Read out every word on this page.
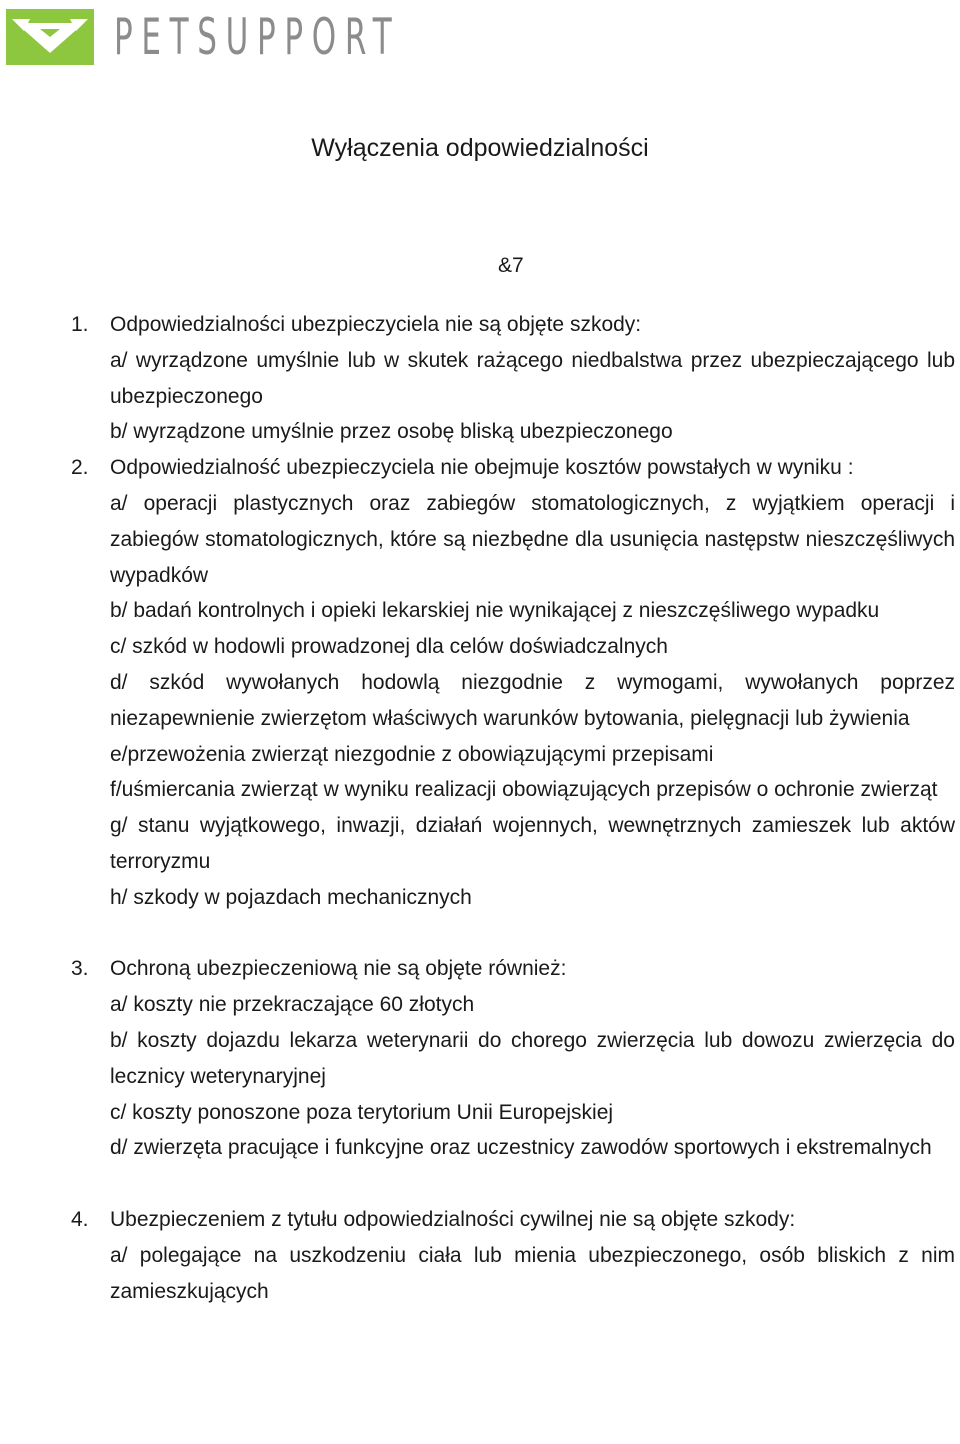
PETSUPPORT
Wyłączenia odpowiedzialności
&7
1. Odpowiedzialności ubezpieczyciela nie są objęte szkody:
a/ wyrządzone umyślnie lub w skutek rażącego niedbalstwa przez ubezpieczającego lub ubezpieczonego
b/ wyrządzone umyślnie przez osobę bliską ubezpieczonego
2. Odpowiedzialność ubezpieczyciela nie obejmuje kosztów powstałych w wyniku :
a/ operacji plastycznych oraz zabiegów stomatologicznych, z wyjątkiem operacji i zabiegów stomatologicznych, które są niezbędne dla usunięcia następstw nieszczęśliwych wypadków
b/ badań kontrolnych i opieki lekarskiej nie wynikającej z nieszczęśliwego wypadku
c/ szkód w hodowli prowadzonej dla celów doświadczalnych
d/ szkód wywołanych hodowlą niezgodnie z wymogami, wywołanych poprzez niezapewnienie zwierzętom właściwych warunków bytowania, pielęgnacji lub żywienia
e/przewożenia zwierząt niezgodnie z obowiązującymi przepisami
f/uśmiercania zwierząt w wyniku realizacji obowiązujących przepisów o ochronie zwierząt
g/ stanu wyjątkowego, inwazji, działań wojennych, wewnętrznych zamieszek lub aktów terroryzmu
h/ szkody w pojazdach mechanicznych
3. Ochroną ubezpieczeniową nie są objęte również:
a/ koszty nie przekraczające 60 złotych
b/ koszty dojazdu lekarza weterynarii do chorego zwierzęcia lub dowozu zwierzęcia do lecznicy weterynaryjnej
c/ koszty ponoszone poza terytorium Unii Europejskiej
d/ zwierzęta pracujące i funkcyjne oraz uczestnicy zawodów sportowych i ekstremalnych
4. Ubezpieczeniem z tytułu odpowiedzialności cywilnej nie są objęte szkody:
a/ polegające na uszkodzeniu ciała lub mienia ubezpieczonego, osób bliskich z nim zamieszkujących
